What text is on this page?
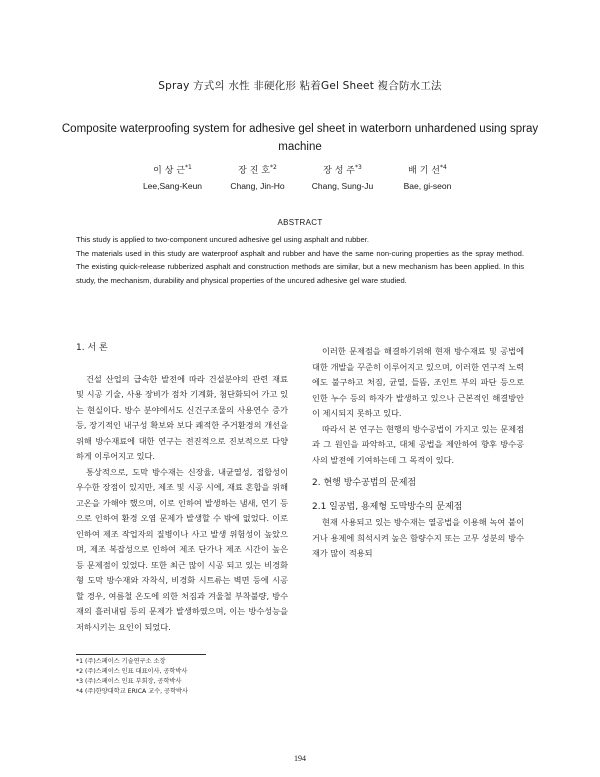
Spray 方式의 水性 非硬化形 粘着Gel Sheet 複合防水工法
Composite waterproofing system for adhesive gel sheet in waterborn unhardened using spray machine
이 상 근$^{*1}$	장 진 호$^{*2}$	장 성 주$^{*3}$	배 기 선$^{*4}$
Lee,Sang-Keun	Chang, Jin-Ho	Chang, Sung-Ju	Bae, gi-seon
ABSTRACT

This study is applied to two-component uncured adhesive gel using asphalt and rubber.

The materials used in this study are waterproof asphalt and rubber and have the same non-curing properties as the spray method. The existing quick-release rubberized asphalt and construction methods are similar, but a new mechanism has been applied. In this study, the mechanism, durability and physical properties of the uncured adhesive gel ware studied.

1. 서 론

건설 산업의 급속한 발전에 따라 건설분야의 관련 재료 및 시공 기술, 사용 장비가 점차 기계화, 첨단화되어 가고 있는 현실이다. 방수 분야에서도 신건구조물의 사용연수 증가 등, 장기적인 내구성 확보와 보다 쾌적한 주거환경의 개선을 위해 방수재료에 대한 연구는 전진적으로 진보적으로 다양하게 이루어지고 있다.

통상적으로, 도막 방수재는 신장율, 내균열성, 접합성이 우수한 장점이 있지만, 제조 및 시공 시에, 재료 혼합을 위해 고온을 가해야 했으며, 이로 인하여 발생하는 냄새, 연기 등으로 인하여 환경 오염 문제가 발생할 수 밖에 없었다. 이로 인하여 제조 작업자의 질병이나 사고 발생 위험성이 높았으며, 제조 복잡성으로 인하여 제조 단가나 제조 시간이 높은 등 문제점이 있었다. 또한 최근 많이 시공 되고 있는 비경화형 도막 방수재와 자착식, 비경화 시트류는 벽면 등에 시공할 경우, 여름철 온도에 의한 처짐과 겨울철 부착불량, 방수재의 흘러내림 등의 문제가 발생하였으며, 이는 방수성능을 저하시키는 요인이 되었다.

이러한 문제점을 해결하기위해 현재 방수재료 및 공법에 대한 개발을 꾸준히 이루어지고 있으며, 이러한 연구적 노력에도 불구하고 처짐, 균열, 들뜸, 조인트 부의 파단 등으로 인한 누수 등의 하자가 발생하고 있으나 근본적인 해결방안이 제시되지 못하고 있다.

따라서 본 연구는 현행의 방수공법이 가지고 있는 문제점과 그 원인을 파악하고, 대체 공법을 제안하여 향후 방수공사의 발전에 기여하는데 그 목적이 있다.

2. 현행 방수공법의 문제점

2.1 일공법, 용제형 도막방수의 문제점

현재 사용되고 있는 방수재는 열공법을 이용해 녹여 붙이거나 용제에 희석시켜 높은 함량수지 또는 고무 성분의 방수재가 많이 적용되

*1 (주)스페이스 기술연구소 소장
*2 (주)스페이스 인표 대표이사, 공학박사
*3 (주)스페이스 인표 부회장, 공학박사
*4 (주)한양대학교 ERICA 교수, 공학박사
194
